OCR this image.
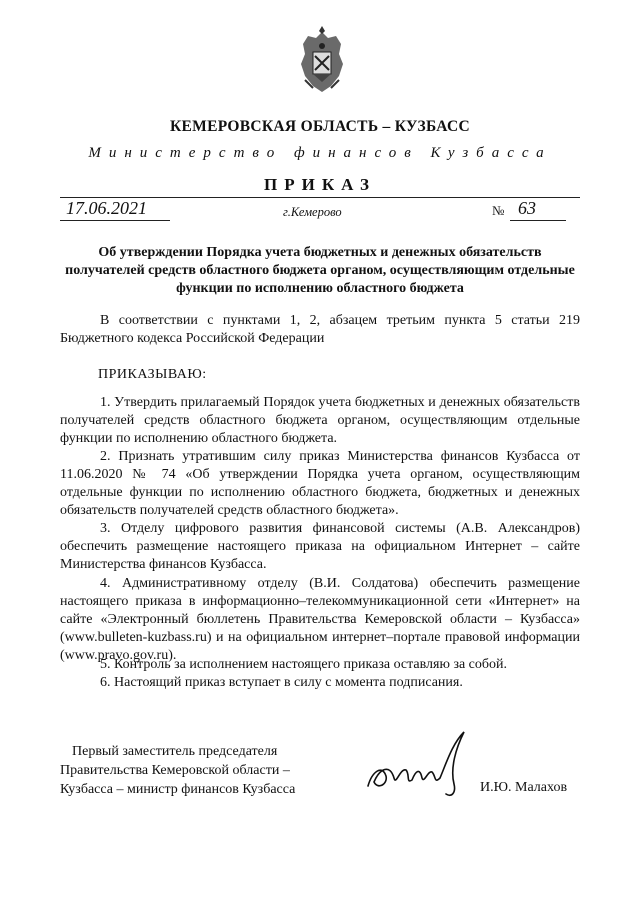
КЕМЕРОВСКАЯ ОБЛАСТЬ – КУЗБАСС
Министерство финансов Кузбасса
ПРИКАЗ
17.06.2021	г.Кемерово	№ 63
Об утверждении Порядка учета бюджетных и денежных обязательств получателей средств областного бюджета органом, осуществляющим отдельные функции по исполнению областного бюджета
В соответствии с пунктами 1, 2, абзацем третьим пункта 5 статьи 219 Бюджетного кодекса Российской Федерации
ПРИКАЗЫВАЮ:
1. Утвердить прилагаемый Порядок учета бюджетных и денежных обязательств получателей средств областного бюджета органом, осуществляющим отдельные функции по исполнению областного бюджета.
2. Признать утратившим силу приказ Министерства финансов Кузбасса от 11.06.2020 № 74 «Об утверждении Порядка учета органом, осуществляющим отдельные функции по исполнению областного бюджета, бюджетных и денежных обязательств получателей средств областного бюджета».
3. Отделу цифрового развития финансовой системы (А.В. Александров) обеспечить размещение настоящего приказа на официальном Интернет – сайте Министерства финансов Кузбасса.
4. Административному отделу (В.И. Солдатова) обеспечить размещение настоящего приказа в информационно–телекоммуникационной сети «Интернет» на сайте «Электронный бюллетень Правительства Кемеровской области – Кузбасса» (www.bulleten-kuzbass.ru) и на официальном интернет–портале правовой информации (www.pravo.gov.ru).
5. Контроль за исполнением настоящего приказа оставляю за собой.
6. Настоящий приказ вступает в силу с момента подписания.
Первый заместитель председателя Правительства Кемеровской области – Кузбасса – министр финансов Кузбасса	И.Ю. Малахов
